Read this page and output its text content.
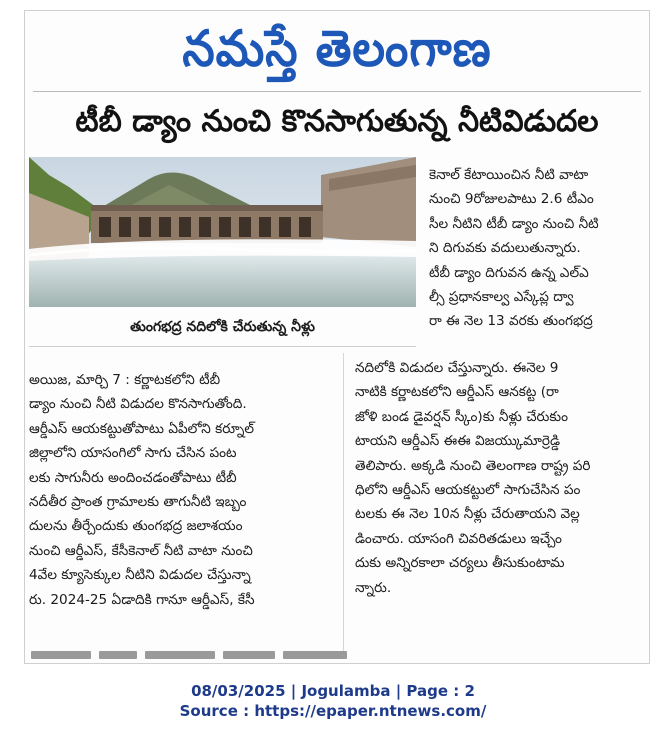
నమస్తే తెలంగాణ
టీబీ డ్యాం నుంచి కొనసాగుతున్న నీటివిడుదల
తుంగభద్ర నదిలోకి చేరుతున్న నీళ్లు
కెనాల్ కేటాయించిన నీటి వాటా
నుంచి 9రోజులపాటు 2.6 టీఎం
సీల నీటిని టీబీ డ్యాం నుంచి నీటి
ని దిగువకు వదులుతున్నారు.
టీబీ డ్యాం దిగువన ఉన్న ఎల్ఎ
ల్సీ ప్రధానకాల్వ ఎస్కేప్ల ద్వా
రా ఈ నెల 13 వరకు తుంగభద్ర
అయిజ, మార్చి 7 : కర్ణాటకలోని టీబీ
డ్యాం నుంచి నీటి విడుదల కొనసాగుతోంది.
ఆర్డీఎస్ ఆయకట్టుతోపాటు ఏపీలోని కర్నూల్
జిల్లాలోని యాసంగిలో సాగు చేసిన పంట
లకు సాగునీరు అందించడంతోపాటు టీబీ
నదీతీర ప్రాంత గ్రామాలకు తాగునీటి ఇబ్బం
దులను తీర్చేందుకు తుంగభద్ర జలాశయం
నుంచి ఆర్డీఎస్, కేసీకెనాల్ నీటి వాటా నుంచి
4వేల క్యూసెక్కుల నీటిని విడుదల చేస్తున్నా
రు. 2024-25 ఏడాదికి గానూ ఆర్డీఎస్, కేసీ
నదిలోకి విడుదల చేస్తున్నారు. ఈనెల 9
నాటికి కర్ణాటకలోని ఆర్డీఎస్ ఆనకట్ట (రా
జోళి బండ డైవర్షన్ స్కీం)కు నీళ్లు చేరుకుం
టాయని ఆర్డీఎస్ ఈఈ విజయ్కుమార్రెడ్డి
తెలిపారు. అక్కడి నుంచి తెలంగాణ రాష్ట్ర పరి
ధిలోని ఆర్డీఎస్ ఆయకట్టులో సాగుచేసిన పం
టలకు ఈ నెల 10న నీళ్లు చేరుతాయని వెల్ల
డించారు. యాసంగి చివరితడులు ఇచ్చేం
దుకు అన్నిరకాలా చర్యలు తీసుకుంటామ
న్నారు.
08/03/2025 | Jogulamba | Page : 2
Source : https://epaper.ntnews.com/
